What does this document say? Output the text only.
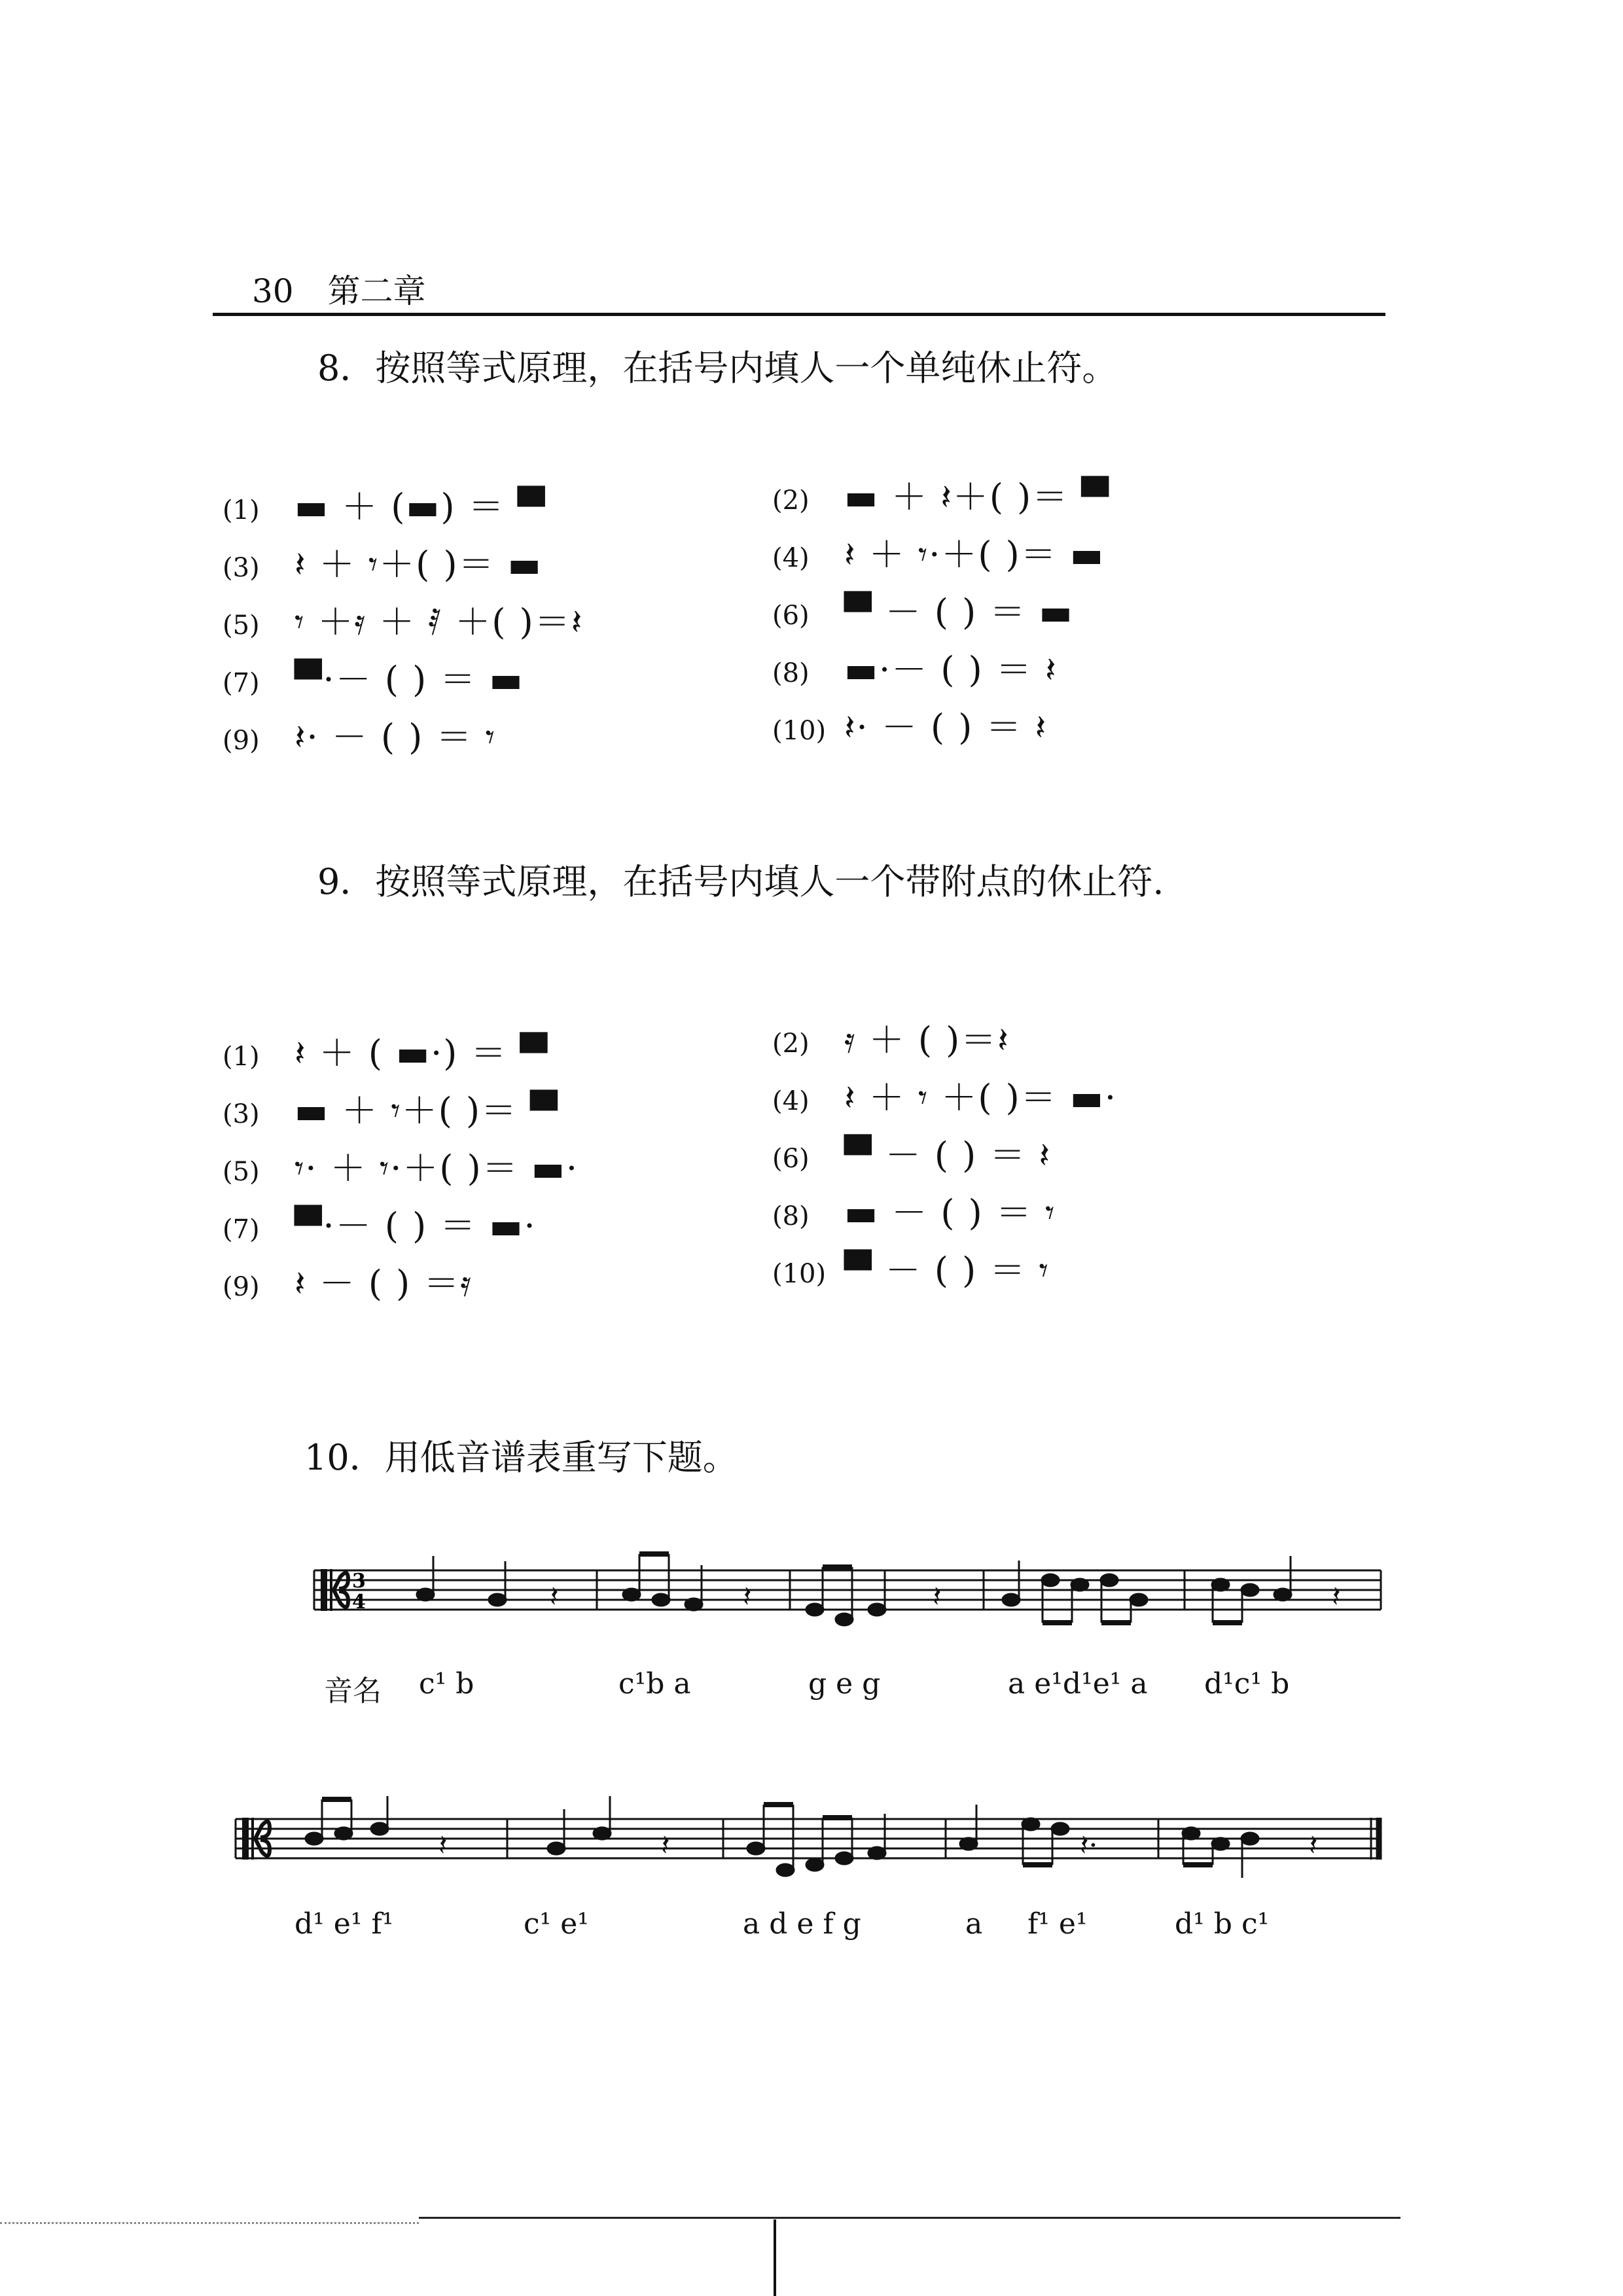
30 第二章
8．按照等式原理，在括号内填人一个单纯休止符。
(1) ▬ ＋ (▬) ＝ ▀
(3) 𝄽 ＋ 𝄾＋( )＝ ▬
(5) 𝄾 ＋𝄿 ＋ 𝅀 ＋( )＝𝄽
(7) ▀·－ ( ) ＝ ▬
(9) 𝄽· － ( ) ＝ 𝄾
(2) ▬ ＋ 𝄽＋( )＝ ▀
(4) 𝄽 ＋ 𝄾·＋( )＝ ▬
(6) ▀ － ( ) ＝ ▬
(8) ▬·－ ( ) ＝ 𝄽
(10) 𝄽· － ( ) ＝ 𝄽
9．按照等式原理，在括号内填人一个带附点的休止符.
(1) 𝄽 ＋ ( ▬·) ＝ ▀
(3) ▬ ＋ 𝄾＋( )＝ ▀
(5) 𝄾· ＋ 𝄾·＋( )＝ ▬·
(7) ▀·－ ( ) ＝ ▬·
(9) 𝄽 － ( ) ＝𝄿
(2) 𝄿 ＋ ( )＝𝄽
(4) 𝄽 ＋ 𝄾 ＋( )＝ ▬·
(6) ▀ － ( ) ＝ 𝄽
(8) ▬ － ( ) ＝ 𝄾
(10) ▀ － ( ) ＝ 𝄾
10．用低音谱表重写下题。
3
4	𝄽	𝄽	𝄽	𝄽
音名 c¹ b	c¹b a	g e g	a e¹d¹e¹ a d¹c¹ b
𝄽	𝄽	𝄽·	𝄽
d¹ e¹ f¹	c¹ e¹	a d e f g	a f¹ e¹	d¹ b c¹
